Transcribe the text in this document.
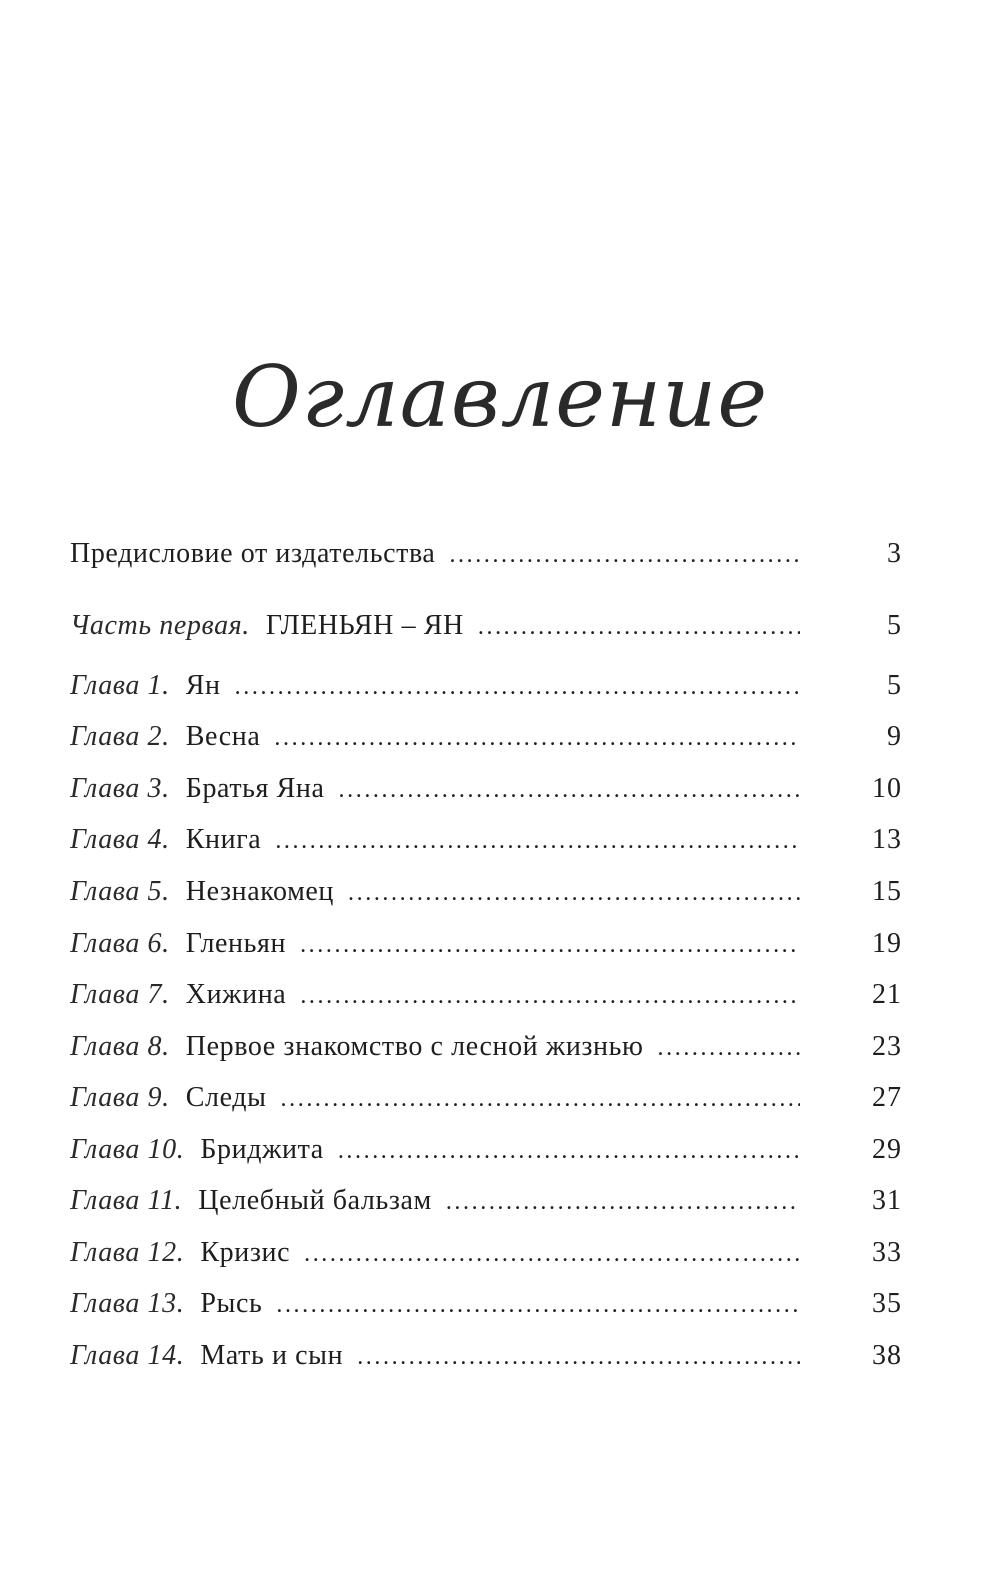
Оглавление
Предисловие от издательства .....	3
Часть первая. ГЛЕНЬЯН – ЯН .....	5
Глава 1. Ян .....	5
Глава 2. Весна .....	9
Глава 3. Братья Яна .....	10
Глава 4. Книга .....	13
Глава 5. Незнакомец .....	15
Глава 6. Гленьян .....	19
Глава 7. Хижина .....	21
Глава 8. Первое знакомство с лесной жизнью .....	23
Глава 9. Следы .....	27
Глава 10. Бриджита .....	29
Глава 11. Целебный бальзам .....	31
Глава 12. Кризис .....	33
Глава 13. Рысь .....	35
Глава 14. Мать и сын .....	38
